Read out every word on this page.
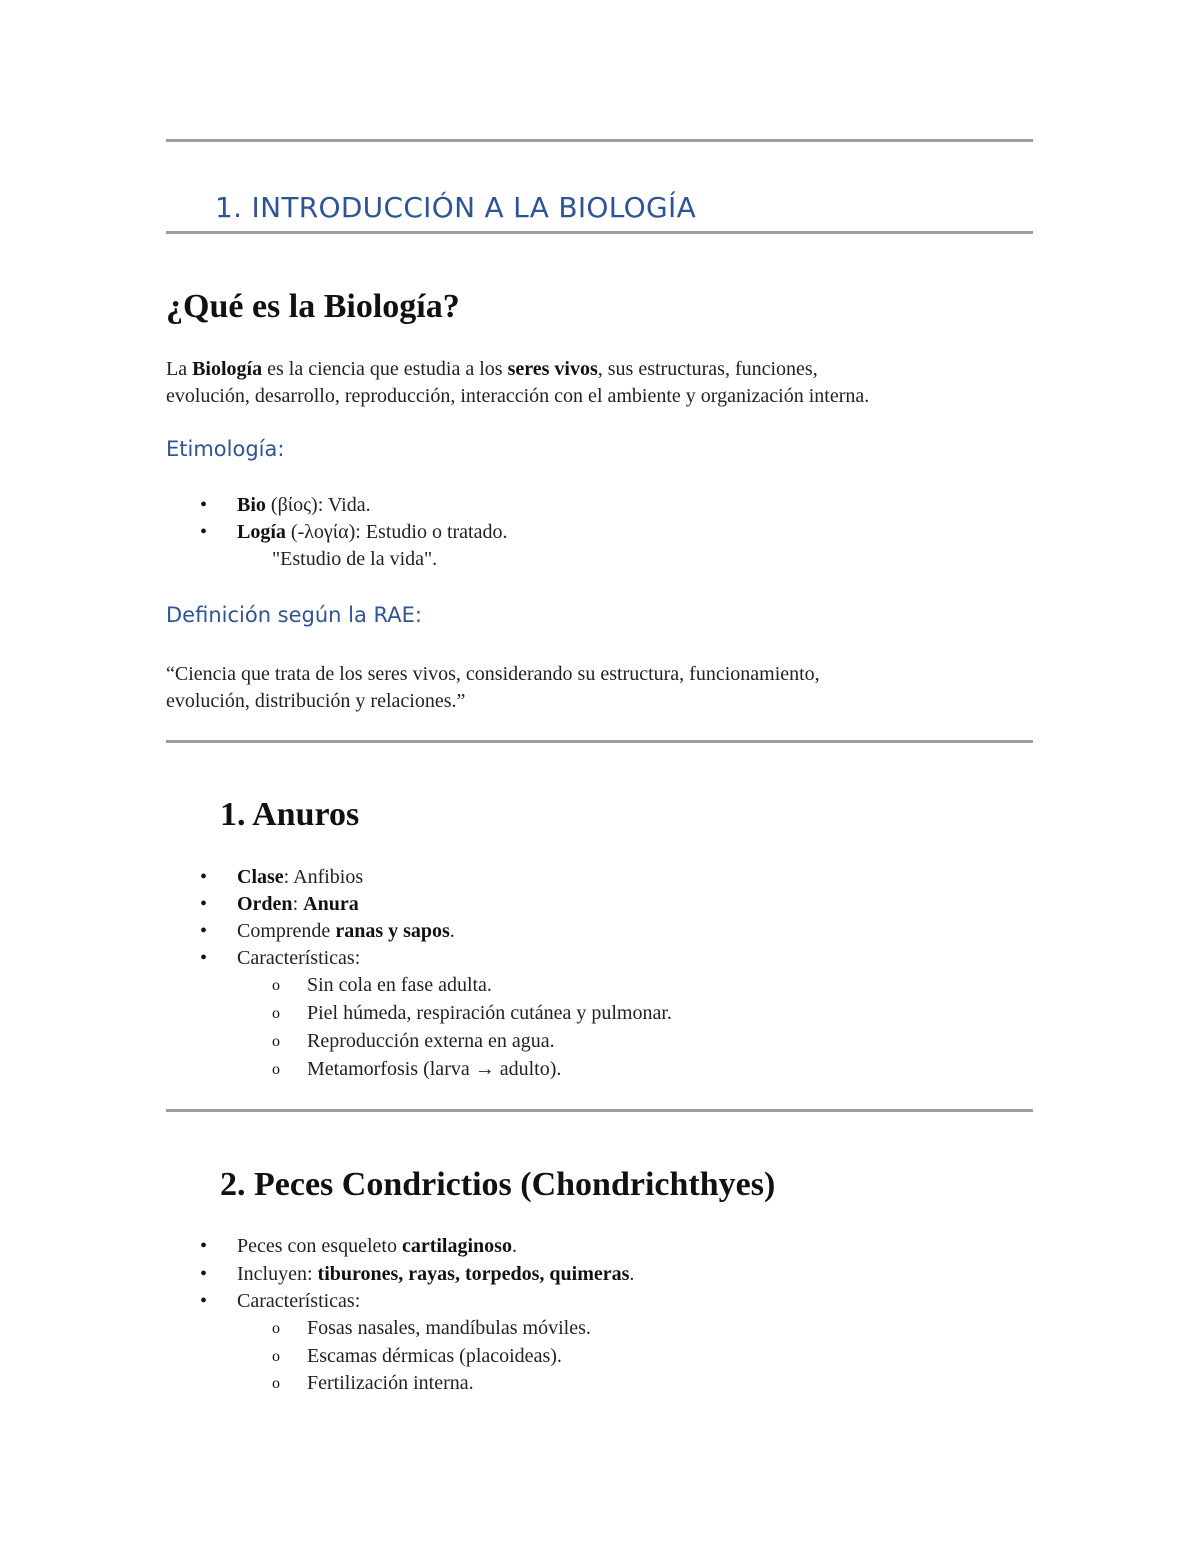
1. INTRODUCCIÓN A LA BIOLOGÍA
¿Qué es la Biología?
La Biología es la ciencia que estudia a los seres vivos, sus estructuras, funciones,
evolución, desarrollo, reproducción, interacción con el ambiente y organización interna.
Etimología:
• Bio (βίος): Vida.
• Logía (-λογία): Estudio o tratado.
"Estudio de la vida".
Definición según la RAE:
“Ciencia que trata de los seres vivos, considerando su estructura, funcionamiento,
evolución, distribución y relaciones.”
1. Anuros
• Clase: Anfibios
• Orden: Anura
• Comprende ranas y sapos.
• Características:
o Sin cola en fase adulta.
o Piel húmeda, respiración cutánea y pulmonar.
o Reproducción externa en agua.
o Metamorfosis (larva → adulto).
2. Peces Condrictios (Chondrichthyes)
• Peces con esqueleto cartilaginoso.
• Incluyen: tiburones, rayas, torpedos, quimeras.
• Características:
o Fosas nasales, mandíbulas móviles.
o Escamas dérmicas (placoideas).
o Fertilización interna.
